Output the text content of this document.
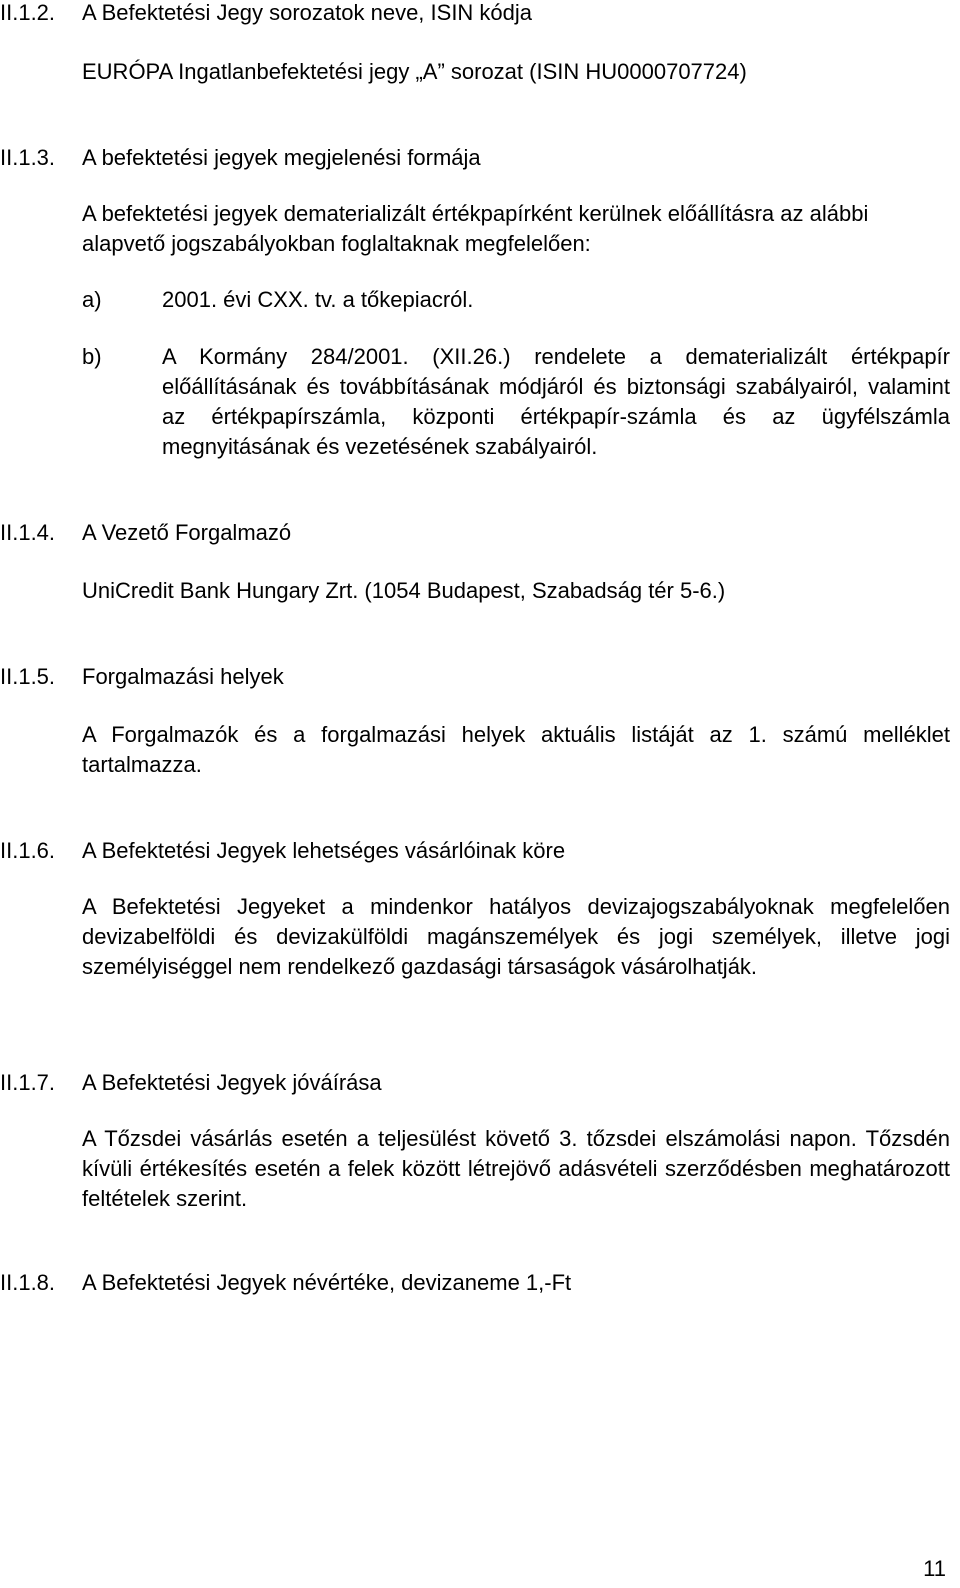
II.1.2. A Befektetési Jegy sorozatok neve, ISIN kódja
EURÓPA Ingatlanbefektetési jegy „A” sorozat (ISIN HU0000707724)
II.1.3. A befektetési jegyek megjelenési formája
A befektetési jegyek dematerializált értékpapírként kerülnek előállításra az alábbi alapvető jogszabályokban foglaltaknak megfelelően:
a)	2001. évi CXX. tv. a tőkepiacról.
b)	A Kormány 284/2001. (XII.26.) rendelete a dematerializált értékpapír előállításának és továbbításának módjáról és biztonsági szabályairól, valamint az értékpapírszámla, központi értékpapír-számla és az ügyfélszámla megnyitásának és vezetésének szabályairól.
II.1.4. A Vezető Forgalmazó
UniCredit Bank Hungary Zrt. (1054 Budapest, Szabadság tér 5-6.)
II.1.5. Forgalmazási helyek
A Forgalmazók és a forgalmazási helyek aktuális listáját az 1. számú melléklet tartalmazza.
II.1.6. A Befektetési Jegyek lehetséges vásárlóinak köre
A Befektetési Jegyeket a mindenkor hatályos devizajogszabályoknak megfelelően devizabelföldi és devizakülföldi magánszemélyek és jogi személyek, illetve jogi személyiséggel nem rendelkező gazdasági társaságok vásárolhatják.
II.1.7. A Befektetési Jegyek jóváírása
A Tőzsdei vásárlás esetén a teljesülést követő 3. tőzsdei elszámolási napon. Tőzsdén kívüli értékesítés esetén a felek között létrejövő adásvételi szerződésben meghatározott feltételek szerint.
II.1.8. A Befektetési Jegyek névértéke, devizaneme 1,-Ft
11
